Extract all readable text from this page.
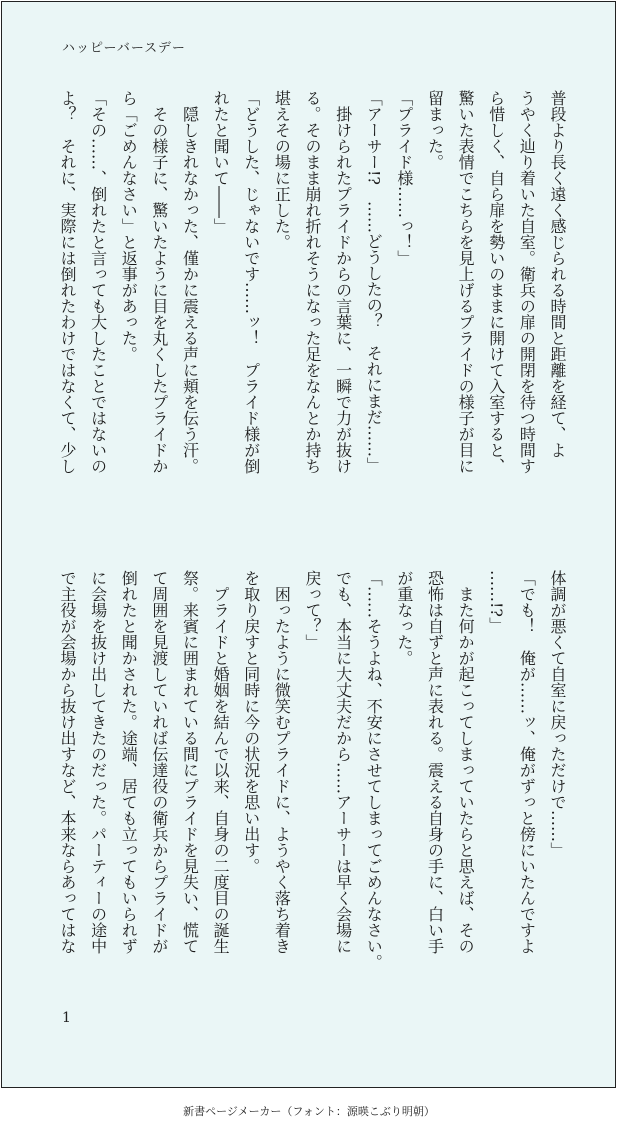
ハッピーバースデー
普段より長く遠く感じられる時間と距離を経て、よ
うやく辿り着いた自室。衛兵の扉の開閉を待つ時間す
ら惜しく、自ら扉を勢いのままに開けて入室すると、
驚いた表情でこちらを見上げるプライドの様子が目に
留まった。
「プライド様……っ！」
「アーサー!?　……どうしたの？　それにまだ……」
　掛けられたプライドからの言葉に、一瞬で力が抜け
る。そのまま崩れ折れそうになった足をなんとか持ち
堪えその場に正した。
「どうした、じゃないです……ッ！　プライド様が倒
れたと聞いて――」
　隠しきれなかった、僅かに震える声に頬を伝う汗。
　その様子に、驚いたように目を丸くしたプライドか
ら「ごめんなさい」と返事があった。
「その……、倒れたと言っても大したことではないの
よ？　それに、実際には倒れたわけではなくて、少し
体調が悪くて自室に戻っただけで……」
「でも！　俺が……ッ、俺がずっと傍にいたんですよ
……!?」
　また何かが起こってしまっていたらと思えば、その
恐怖は自ずと声に表れる。震える自身の手に、白い手
が重なった。
「……そうよね、不安にさせてしまってごめんなさい。
でも、本当に大丈夫だから……アーサーは早く会場に
戻って？」
　困ったように微笑むプライドに、ようやく落ち着き
を取り戻すと同時に今の状況を思い出す。
　プライドと婚姻を結んで以来、自身の二度目の誕生
祭。来賓に囲まれている間にプライドを見失い、慌て
て周囲を見渡していれば伝達役の衛兵からプライドが
倒れたと聞かされた。途端、居ても立ってもいられず
に会場を抜け出してきたのだった。パーティーの途中
で主役が会場から抜け出すなど、本来ならあってはな
1
新書ページメーカー（フォント：源暎こぶり明朝）
